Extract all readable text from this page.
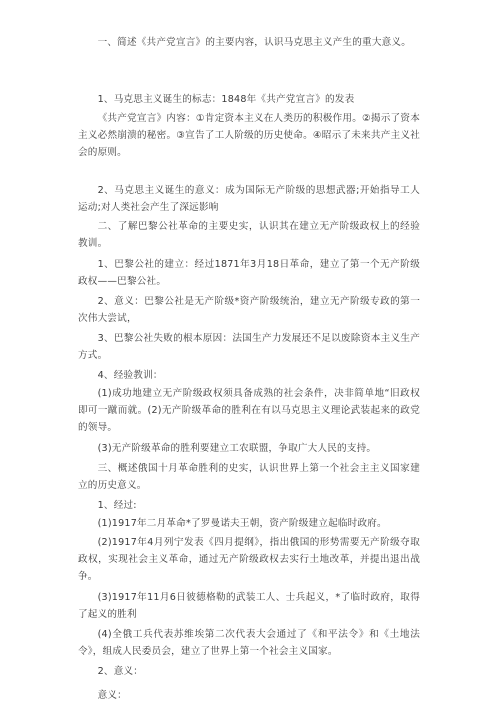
一、简述《共产党宣言》的主要内容，认识马克思主义产生的重大意义。

1、马克思主义诞生的标志：1848年《共产党宣言》的发表

《共产党宣言》内容：①肯定资本主义在人类历的积极作用。②揭示了资本主义必然崩溃的秘密。③宣告了工人阶级的历史使命。④昭示了未来共产主义社会的原则。

2、马克思主义诞生的意义：成为国际无产阶级的思想武器;开始指导工人运动;对人类社会产生了深远影响

二、了解巴黎公社革命的主要史实，认识其在建立无产阶级政权上的经验教训。

1、巴黎公社的建立：经过1871年3月18日革命，建立了第一个无产阶级政权——巴黎公社。

2、意义：巴黎公社是无产阶级*资产阶级统治，建立无产阶级专政的第一次伟大尝试，

3、巴黎公社失败的根本原因：法国生产力发展还不足以废除资本主义生产方式。

4、经验教训：

(1)成功地建立无产阶级政权须具备成熟的社会条件，决非简单地“旧政权即可一蹴而就。(2)无产阶级革命的胜利在有以马克思主义理论武装起来的政党的领导。

(3)无产阶级革命的胜利要建立工农联盟，争取广大人民的支持。

三、概述俄国十月革命胜利的史实，认识世界上第一个社会主主义国家建立的历史意义。

1、经过:

(1)1917年二月革命*了罗曼诺夫王朝，资产阶级建立起临时政府。

(2)1917年4月列宁发表《四月提纲》，指出俄国的形势需要无产阶级夺取政权，实现社会主义革命，通过无产阶级政权去实行土地改革，并提出退出战争。

(3)1917年11月6日彼德格勒的武装工人、士兵起义，*了临时政府，取得了起义的胜利

(4)全俄工兵代表苏维埃第二次代表大会通过了《和平法令》和《土地法令》，组成人民委员会，建立了世界上第一个社会主义国家。

2、意义：

意义：
